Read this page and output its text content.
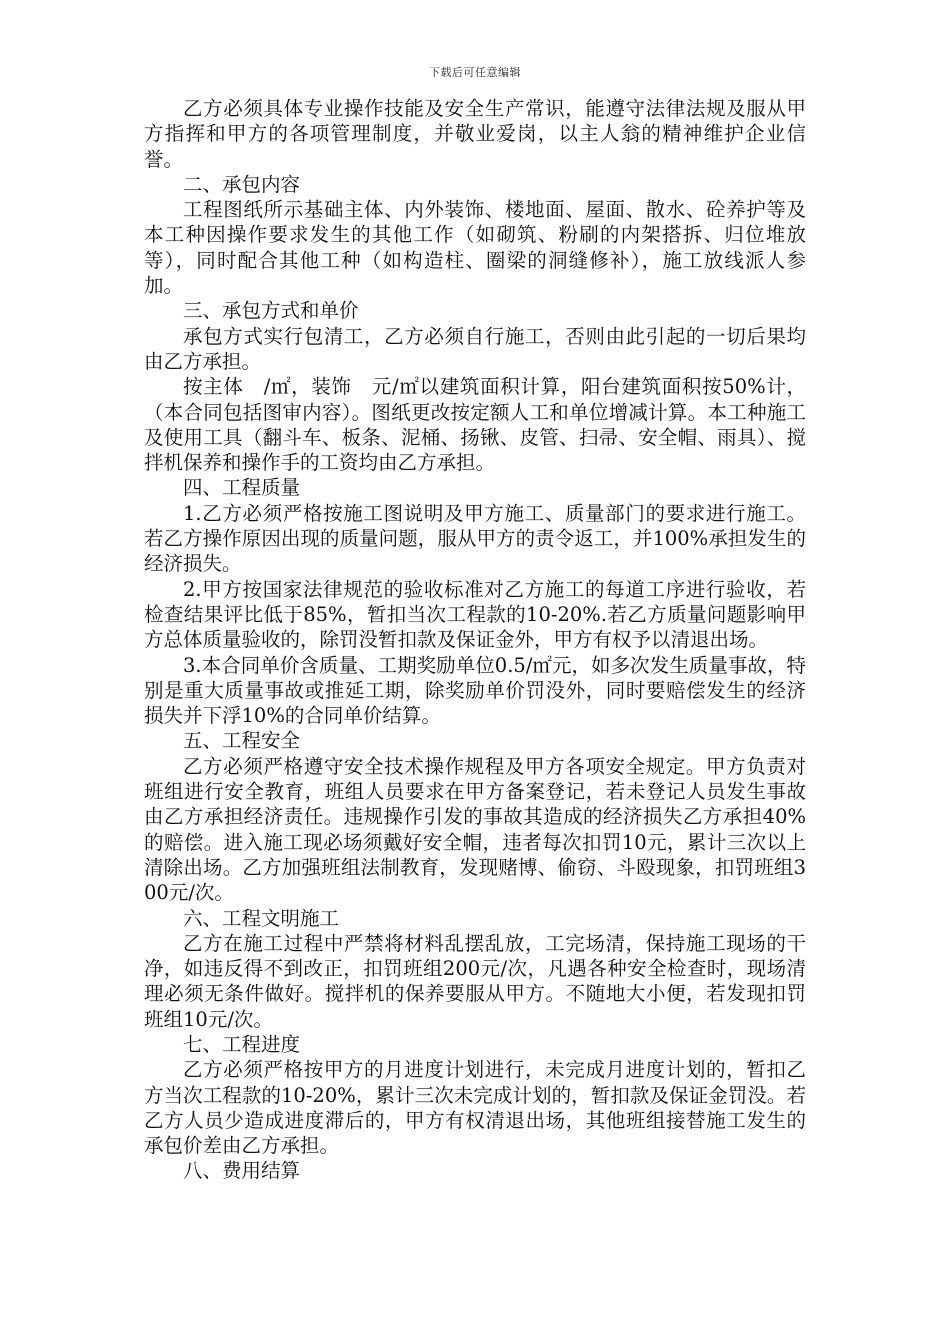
下载后可任意编辑

乙方必须具体专业操作技能及安全生产常识，能遵守法律法规及服从甲方指挥和甲方的各项管理制度，并敬业爱岗，以主人翁的精神维护企业信誉。

二、承包内容

工程图纸所示基础主体、内外装饰、楼地面、屋面、散水、砼养护等及本工种因操作要求发生的其他工作（如砌筑、粉刷的内架搭拆、归位堆放等），同时配合其他工种（如构造柱、圈梁的洞缝修补），施工放线派人参加。

三、承包方式和单价

承包方式实行包清工，乙方必须自行施工，否则由此引起的一切后果均由乙方承担。

按主体　/㎡，装饰　元/㎡以建筑面积计算，阳台建筑面积按50%计，（本合同包括图审内容）。图纸更改按定额人工和单位增减计算。本工种施工及使用工具（翻斗车、板条、泥桶、扬锹、皮管、扫帚、安全帽、雨具）、搅拌机保养和操作手的工资均由乙方承担。

四、工程质量

1.乙方必须严格按施工图说明及甲方施工、质量部门的要求进行施工。若乙方操作原因出现的质量问题，服从甲方的责令返工，并100%承担发生的经济损失。

2.甲方按国家法律规范的验收标准对乙方施工的每道工序进行验收，若检查结果评比低于85%，暂扣当次工程款的10-20%.若乙方质量问题影响甲方总体质量验收的，除罚没暂扣款及保证金外，甲方有权予以清退出场。

3.本合同单价含质量、工期奖励单位0.5/㎡元，如多次发生质量事故，特别是重大质量事故或推延工期，除奖励单价罚没外，同时要赔偿发生的经济损失并下浮10%的合同单价结算。

五、工程安全

乙方必须严格遵守安全技术操作规程及甲方各项安全规定。甲方负责对班组进行安全教育，班组人员要求在甲方备案登记，若未登记人员发生事故由乙方承担经济责任。违规操作引发的事故其造成的经济损失乙方承担40%的赔偿。进入施工现必场须戴好安全帽，违者每次扣罚10元，累计三次以上清除出场。乙方加强班组法制教育，发现赌博、偷窃、斗殴现象，扣罚班组300元/次。

六、工程文明施工

乙方在施工过程中严禁将材料乱摆乱放，工完场清，保持施工现场的干净，如违反得不到改正，扣罚班组200元/次，凡遇各种安全检查时，现场清理必须无条件做好。搅拌机的保养要服从甲方。不随地大小便，若发现扣罚班组10元/次。

七、工程进度

乙方必须严格按甲方的月进度计划进行，未完成月进度计划的，暂扣乙方当次工程款的10-20%，累计三次未完成计划的，暂扣款及保证金罚没。若乙方人员少造成进度滞后的，甲方有权清退出场，其他班组接替施工发生的承包价差由乙方承担。

八、费用结算
